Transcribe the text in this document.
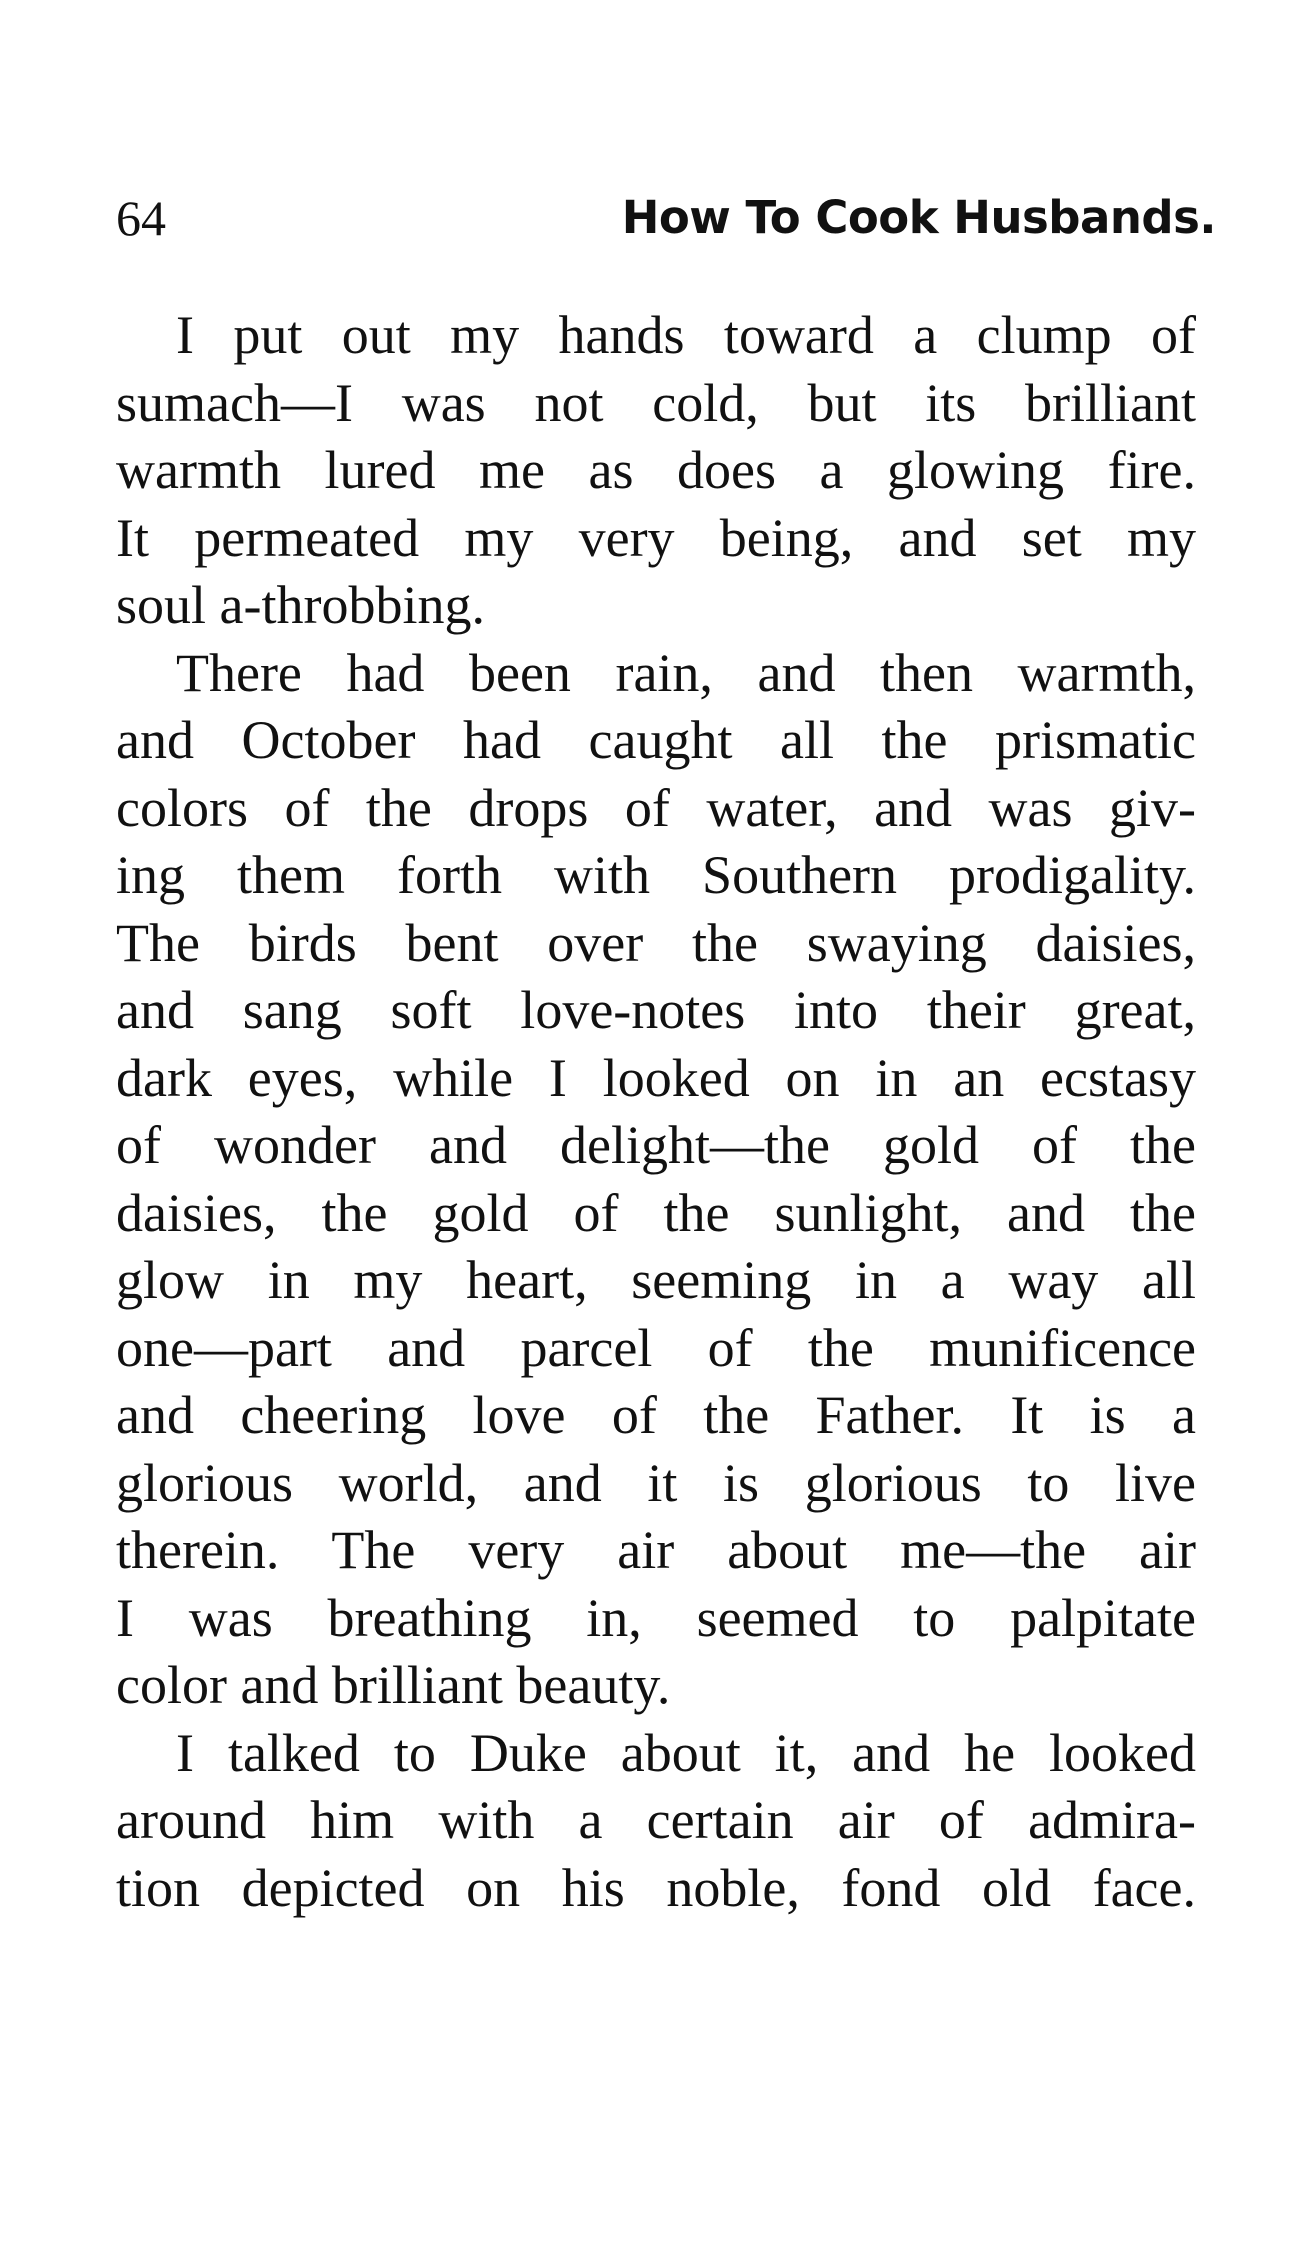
64	How To Cook Husbands.
I put out my hands toward a clump of
sumach—I was not cold, but its brilliant
warmth lured me as does a glowing fire.
It permeated my very being, and set my
soul a-throbbing.
There had been rain, and then warmth,
and October had caught all the prismatic
colors of the drops of water, and was giv-
ing them forth with Southern prodigality.
The birds bent over the swaying daisies,
and sang soft love-notes into their great,
dark eyes, while I looked on in an ecstasy
of wonder and delight—the gold of the
daisies, the gold of the sunlight, and the
glow in my heart, seeming in a way all
one—part and parcel of the munificence
and cheering love of the Father. It is a
glorious world, and it is glorious to live
therein. The very air about me—the air
I was breathing in, seemed to palpitate
color and brilliant beauty.
I talked to Duke about it, and he looked
around him with a certain air of admira-
tion depicted on his noble, fond old face.
